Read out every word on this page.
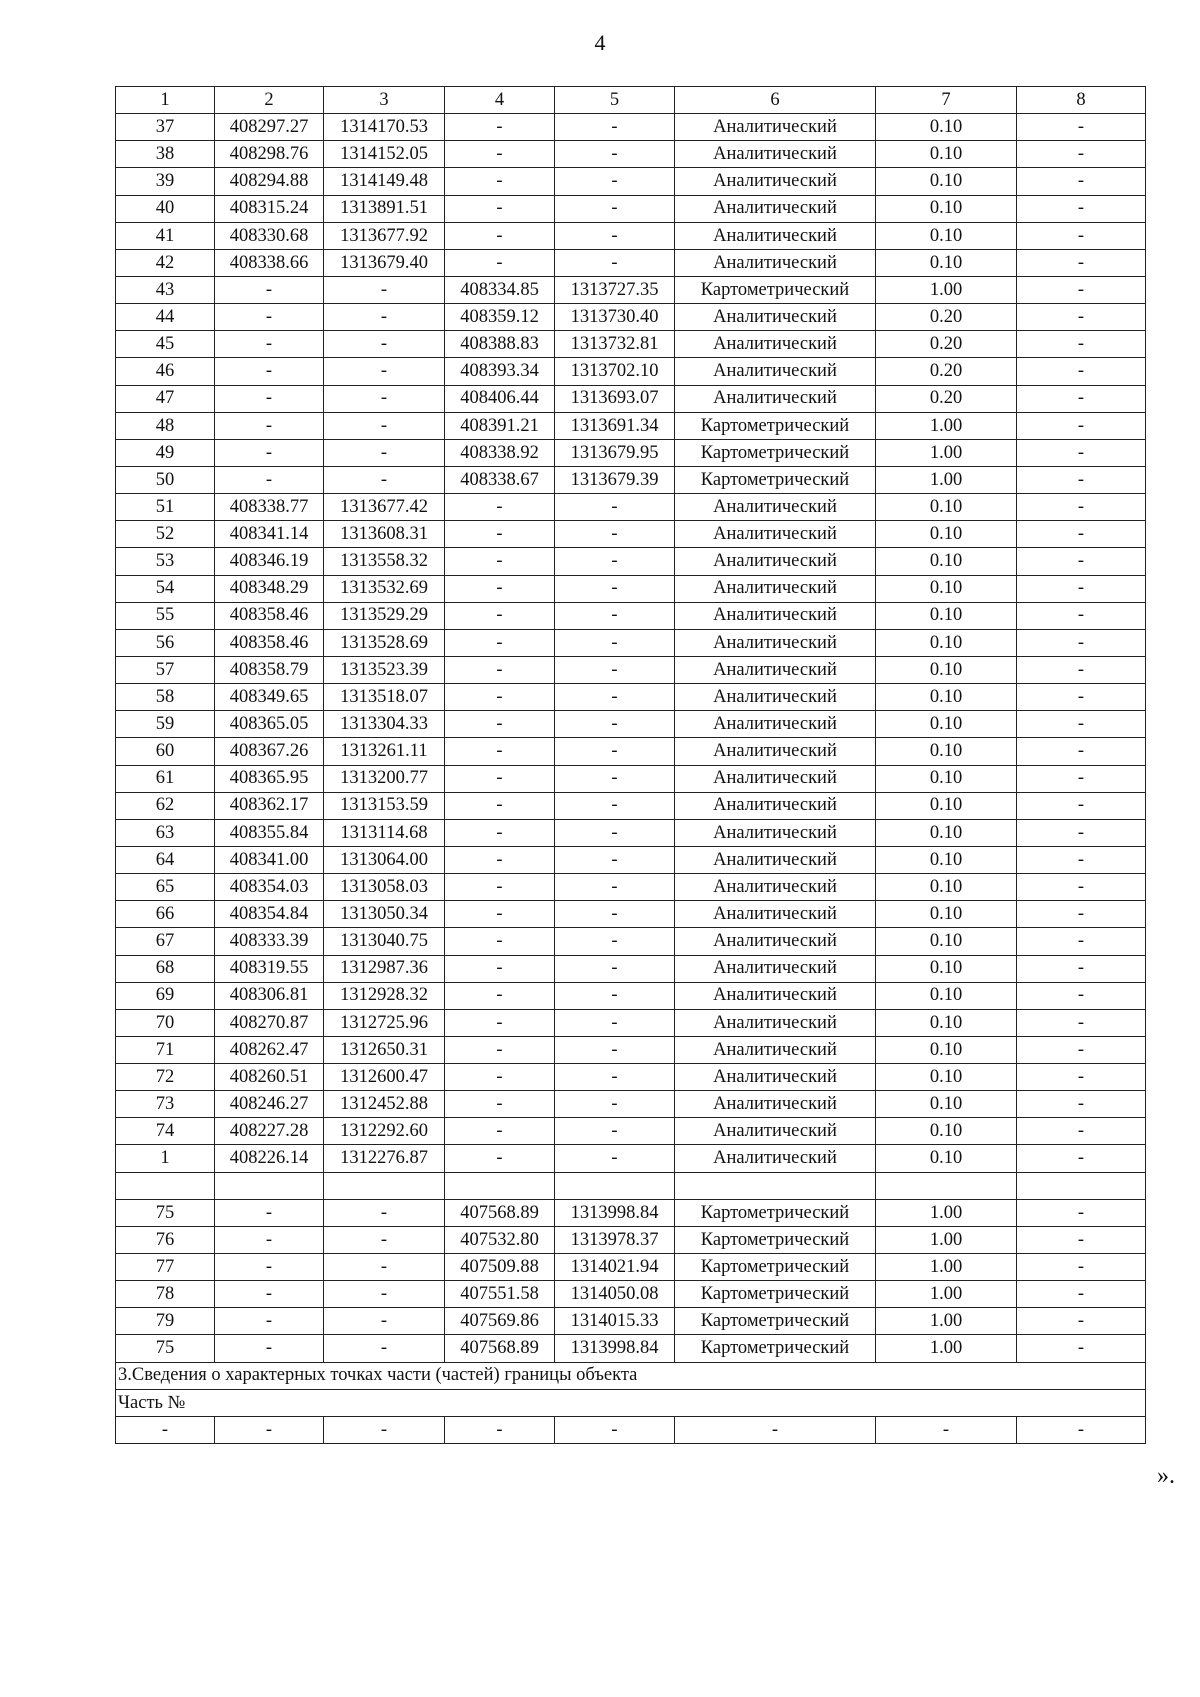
4
1	2	3	4	5	6	7	8
37	408297.27	1314170.53	-	-	Аналитический	0.10	-
38	408298.76	1314152.05	-	-	Аналитический	0.10	-
39	408294.88	1314149.48	-	-	Аналитический	0.10	-
40	408315.24	1313891.51	-	-	Аналитический	0.10	-
41	408330.68	1313677.92	-	-	Аналитический	0.10	-
42	408338.66	1313679.40	-	-	Аналитический	0.10	-
43	-	-	408334.85	1313727.35	Картометрический	1.00	-
44	-	-	408359.12	1313730.40	Аналитический	0.20	-
45	-	-	408388.83	1313732.81	Аналитический	0.20	-
46	-	-	408393.34	1313702.10	Аналитический	0.20	-
47	-	-	408406.44	1313693.07	Аналитический	0.20	-
48	-	-	408391.21	1313691.34	Картометрический	1.00	-
49	-	-	408338.92	1313679.95	Картометрический	1.00	-
50	-	-	408338.67	1313679.39	Картометрический	1.00	-
51	408338.77	1313677.42	-	-	Аналитический	0.10	-
52	408341.14	1313608.31	-	-	Аналитический	0.10	-
53	408346.19	1313558.32	-	-	Аналитический	0.10	-
54	408348.29	1313532.69	-	-	Аналитический	0.10	-
55	408358.46	1313529.29	-	-	Аналитический	0.10	-
56	408358.46	1313528.69	-	-	Аналитический	0.10	-
57	408358.79	1313523.39	-	-	Аналитический	0.10	-
58	408349.65	1313518.07	-	-	Аналитический	0.10	-
59	408365.05	1313304.33	-	-	Аналитический	0.10	-
60	408367.26	1313261.11	-	-	Аналитический	0.10	-
61	408365.95	1313200.77	-	-	Аналитический	0.10	-
62	408362.17	1313153.59	-	-	Аналитический	0.10	-
63	408355.84	1313114.68	-	-	Аналитический	0.10	-
64	408341.00	1313064.00	-	-	Аналитический	0.10	-
65	408354.03	1313058.03	-	-	Аналитический	0.10	-
66	408354.84	1313050.34	-	-	Аналитический	0.10	-
67	408333.39	1313040.75	-	-	Аналитический	0.10	-
68	408319.55	1312987.36	-	-	Аналитический	0.10	-
69	408306.81	1312928.32	-	-	Аналитический	0.10	-
70	408270.87	1312725.96	-	-	Аналитический	0.10	-
71	408262.47	1312650.31	-	-	Аналитический	0.10	-
72	408260.51	1312600.47	-	-	Аналитический	0.10	-
73	408246.27	1312452.88	-	-	Аналитический	0.10	-
74	408227.28	1312292.60	-	-	Аналитический	0.10	-
1	408226.14	1312276.87	-	-	Аналитический	0.10	-

75	-	-	407568.89	1313998.84	Картометрический	1.00	-
76	-	-	407532.80	1313978.37	Картометрический	1.00	-
77	-	-	407509.88	1314021.94	Картометрический	1.00	-
78	-	-	407551.58	1314050.08	Картометрический	1.00	-
79	-	-	407569.86	1314015.33	Картометрический	1.00	-
75	-	-	407568.89	1313998.84	Картометрический	1.00	-
3.Сведения о характерных точках части (частей) границы объекта							
Часть №							
-	-	-	-	-	-	-	-
».
